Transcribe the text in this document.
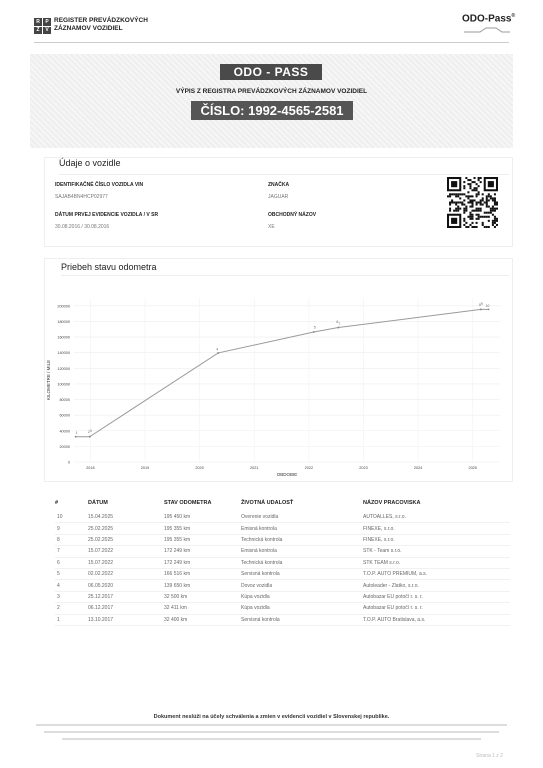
R	P
Z	V
REGISTER PREVÁDZKOVÝCH
ZÁZNAMOV VOZIDIEL
ODO-Pass®
ODO - PASS
VÝPIS Z REGISTRA PREVÁDZKOVÝCH ZÁZNAMOV VOZIDIEL
ČÍSLO: 1992-4565-2581
Údaje o vozidle
IDENTIFIKAČNÉ ČÍSLO VOZIDLA VIN
SAJAB4BN4HCP02977
ZNAČKA
JAGUAR
DÁTUM PRVEJ EVIDENCIE VOZIDLA / V SR
30.08.2016 / 30.08.2016
OBCHODNÝ NÁZOV
XE
Priebeh stavu odometra
0
20000
40000
60000
80000
100000
120000
140000
160000
180000
200000
2018	2019	2020	2021	2022	2023	2024	2025
1	2 3
4
5
6 7
8 9 10
KILOMETRE / MILE
OBDOBIE
#	DÁTUM	STAV ODOMETRA	ŽIVOTNÁ UDALOSŤ	NÁZOV PRACOVISKA
10	15.04.2025	195 450 km	Overenie vozidla	AUTOALLES, s.r.o.
9	25.02.2025	195 355 km	Emisná kontrola	FINEXE, s.r.o.
8	25.02.2025	195 355 km	Technická kontrola	FINEXE, s.r.o.
7	15.07.2022	172 249 km	Emisná kontrola	STK - Team s.r.o.
6	15.07.2022	172 249 km	Technická kontrola	STK TEAM s.r.o.
5	02.02.2022	166 516 km	Servisná kontrola	T.O.P. AUTO PREMIUM, a.s.
4	06.05.2020	139 650 km	Dovoz vozidla	Autoleader - Zlatko, s.r.o.
3	25.12.2017	32 500 km	Kúpa vozidla	Autobazar EU potočí r. s. r.
2	06.12.2017	32 411 km	Kúpa vozidla	Autobazar EU potočí r. s. r.
1	13.10.2017	32 400 km	Servisná kontrola	T.O.P. AUTO Bratislava, a.s.
Dokument neslúži na účely schválenia a zmien v evidencii vozidiel v Slovenskej republike.
Strana 1 z 2
